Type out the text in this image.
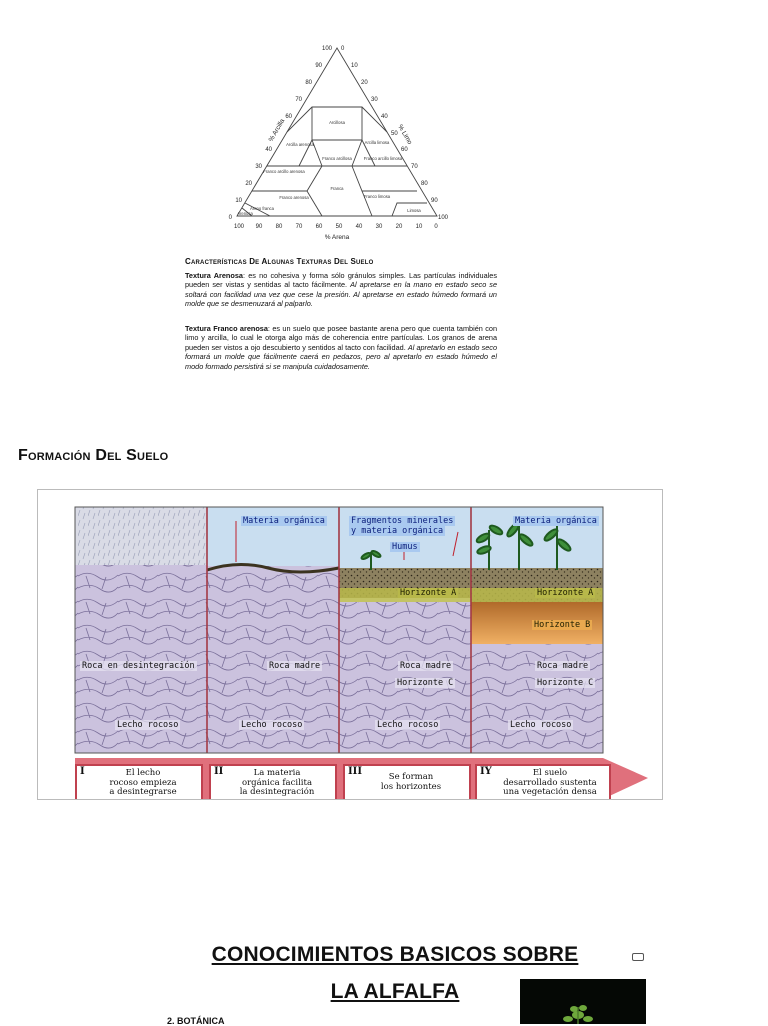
100
90
80
70
60
40
30
20
10
0
0
10
20
30
40
50
60
70
80
90
100
100 90 80 70 60 50 40 30 20 10 0
% Arena
% Arcilla	% Limo
Arcillosa
Arcilla arenosa	Arcilla limosa
Franco arcillo arenosa
Franco arcillosa	Franco arcillo limosa
Franca
Franco arenosa	Franco limosa
Arenosa
Areno franca	Limosa
Características De Algunas Texturas Del Suelo
Textura Arenosa: es no cohesiva y forma sólo gránulos simples. Las partículas individuales pueden ser vistas y sentidas al tacto fácilmente. Al apretarse en la mano en estado seco se soltará con facilidad una vez que cese la presión. Al apretarse en estado húmedo formará un molde que se desmenuzará al palparlo.
Textura Franco arenosa: es un suelo que posee bastante arena pero que cuenta también con limo y arcilla, lo cual le otorga algo más de coherencia entre partículas. Los granos de arena pueden ser vistos a ojo descubierto y sentidos al tacto con facilidad. Al apretarlo en estado seco formará un molde que fácilmente caerá en pedazos, pero al apretarlo en estado húmedo el modo formado persistirá si se manipula cuidadosamente.
Formación Del Suelo
Materia orgánica	Fragmentos minerales
y materia orgánica
Humus
Materia orgánica
Horizonte A	Horizonte A
Horizonte B
Roca en desintegración	Roca madre	Roca madre
Horizonte C
Roca madre
Horizonte C
Lecho rocoso	Lecho rocoso	Lecho rocoso	Lecho rocoso
I	El lecho
rocoso empieza
a desintegrarse
II	La materia
orgánica facilita
la desintegración
III	Se forman
los horizontes
IY	El suelo
desarrollado sustenta
una vegetación densa
CONOCIMIENTOS BASICOS SOBRE
LA ALFALFA
2. BOTÁNICA
